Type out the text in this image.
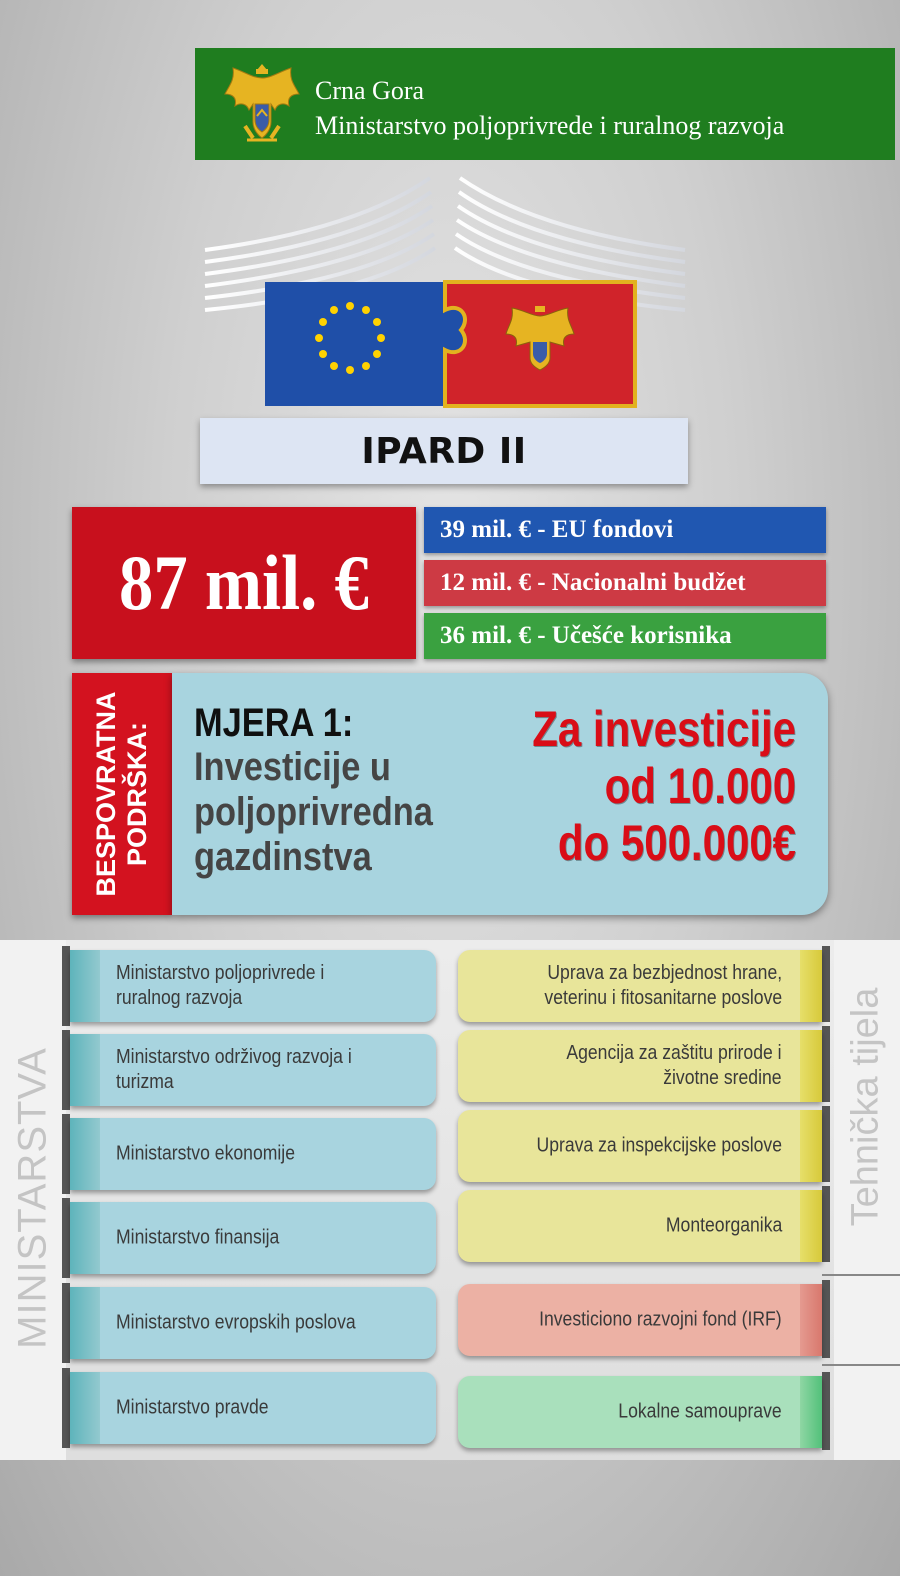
Crna Gora
Ministarstvo poljoprivrede i ruralnog razvoja
IPARD II
87 mil. €
39 mil. € - EU fondovi
12 mil. € - Nacionalni budžet
36 mil. € - Učešće korisnika
BESPOVRATNA
PODRŠKA: MJERA 1:
Investicije u
poljoprivredna
gazdinstva
Za investicije
od 10.000
do 500.000€
MINISTARSTVA	Tehnička tijela
Ministarstvo poljoprivrede i
ruralnog razvoja
Ministarstvo održivog razvoja i
turizma
Ministarstvo ekonomije
Ministarstvo finansija
Ministarstvo evropskih poslova
Ministarstvo pravde
Uprava za bezbjednost hrane,
veterinu i fitosanitarne poslove
Agencija za zaštitu prirode i
životne sredine
Uprava za inspekcijske poslove
Monteorganika
Investiciono razvojni fond (IRF)
Lokalne samouprave
